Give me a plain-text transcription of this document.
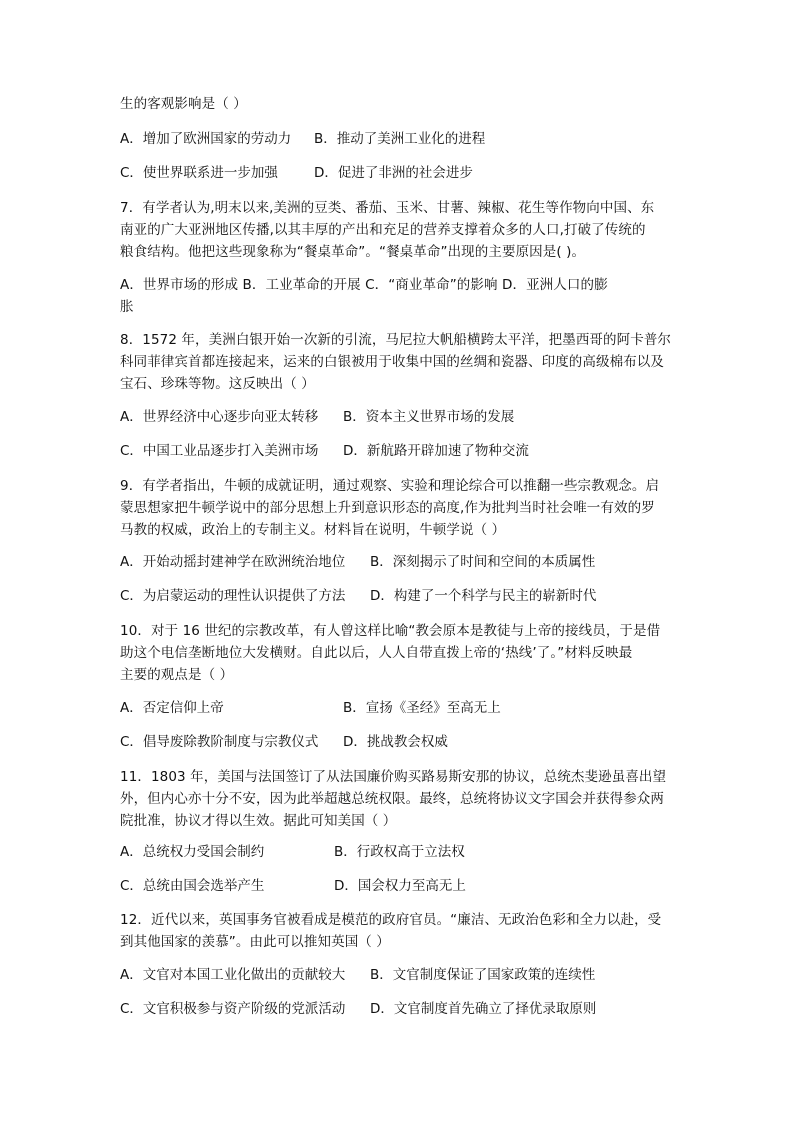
生的客观影响是（ ）
A．增加了欧洲国家的劳动力 B．推动了美洲工业化的进程
C．使世界联系进一步加强	D．促进了非洲的社会进步
7．有学者认为,明末以来,美洲的豆类、番茄、玉米、甘薯、辣椒、花生等作物向中国、东
南亚的广大亚洲地区传播,以其丰厚的产出和充足的营养支撑着众多的人口,打破了传统的
粮食结构。他把这些现象称为“餐桌革命”。“餐桌革命”出现的主要原因是( )。
A．世界市场的形成 B．工业革命的开展 C．“商业革命”的影响 D．亚洲人口的膨
胀
8．1572 年，美洲白银开始一次新的引流，马尼拉大帆船横跨太平洋，把墨西哥的阿卡普尔
科同菲律宾首都连接起来，运来的白银被用于收集中国的丝绸和瓷器、印度的高级棉布以及
宝石、珍珠等物。这反映出（ ）
A．世界经济中心逐步向亚太转移 B．资本主义世界市场的发展
C．中国工业品逐步打入美洲市场 D．新航路开辟加速了物种交流
9．有学者指出，牛顿的成就证明，通过观察、实验和理论综合可以推翻一些宗教观念。启
蒙思想家把牛顿学说中的部分思想上升到意识形态的高度,作为批判当时社会唯一有效的罗
马教的权威，政治上的专制主义。材料旨在说明，牛顿学说（ ）
A．开始动摇封建神学在欧洲统治地位 B．深刻揭示了时间和空间的本质属性
C．为启蒙运动的理性认识提供了方法 D．构建了一个科学与民主的崭新时代
10．对于 16 世纪的宗教改革，有人曾这样比喻“教会原本是教徒与上帝的接线员，于是借
助这个电信垄断地位大发横财。自此以后，人人自带直拨上帝的‘热线’了。”材料反映最
主要的观点是（ ）
A．否定信仰上帝	B．宣扬《圣经》至高无上
C．倡导废除教阶制度与宗教仪式 D．挑战教会权威
11．1803 年，美国与法国签订了从法国廉价购买路易斯安那的协议，总统杰斐逊虽喜出望
外，但内心亦十分不安，因为此举超越总统权限。最终，总统将协议文字国会并获得参众两
院批准，协议才得以生效。据此可知美国（ ）
A．总统权力受国会制约	B．行政权高于立法权
C．总统由国会选举产生	D．国会权力至高无上
12．近代以来，英国事务官被看成是模范的政府官员。“廉洁、无政治色彩和全力以赴，受
到其他国家的羡慕”。由此可以推知英国（ ）
A．文官对本国工业化做出的贡献较大 B．文官制度保证了国家政策的连续性
C．文官积极参与资产阶级的党派活动 D．文官制度首先确立了择优录取原则
